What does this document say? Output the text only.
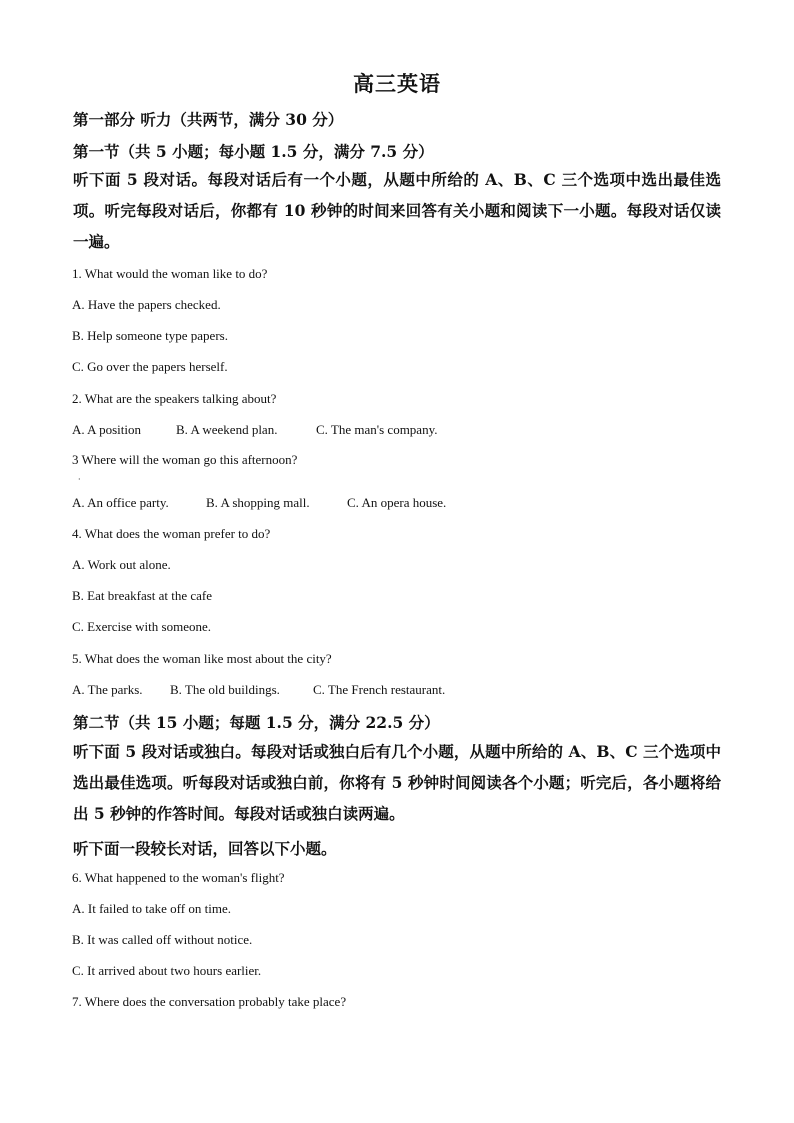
高三英语
第一部分 听力（共两节，满分 30 分）
第一节（共 5 小题；每小题 1.5 分，满分 7.5 分）
听下面 5 段对话。每段对话后有一个小题，从题中所给的 A、B、C 三个选项中选出最佳选项。听完每段对话后，你都有 10 秒钟的时间来回答有关小题和阅读下一小题。每段对话仅读一遍。
1. What would the woman like to do?
A. Have the papers checked.
B. Help someone type papers.
C. Go over the papers herself.
2. What are the speakers talking about?
A. A position	B. A weekend plan.	C. The man's company.
3 Where will the woman go this afternoon?
·
A. An office party.	B. A shopping mall.	C. An opera house.
4. What does the woman prefer to do?
A. Work out alone.
B. Eat breakfast at the cafe
C. Exercise with someone.
5. What does the woman like most about the city?
A. The parks. B. The old buildings.	C. The French restaurant.
第二节（共 15 小题；每题 1.5 分，满分 22.5 分）
听下面 5 段对话或独白。每段对话或独白后有几个小题，从题中所给的 A、B、C 三个选项中选出最佳选项。听每段对话或独白前，你将有 5 秒钟时间阅读各个小题；听完后，各小题将给出 5 秒钟的作答时间。每段对话或独白读两遍。
听下面一段较长对话，回答以下小题。
6. What happened to the woman's flight?
A. It failed to take off on time.
B. It was called off without notice.
C. It arrived about two hours earlier.
7. Where does the conversation probably take place?
